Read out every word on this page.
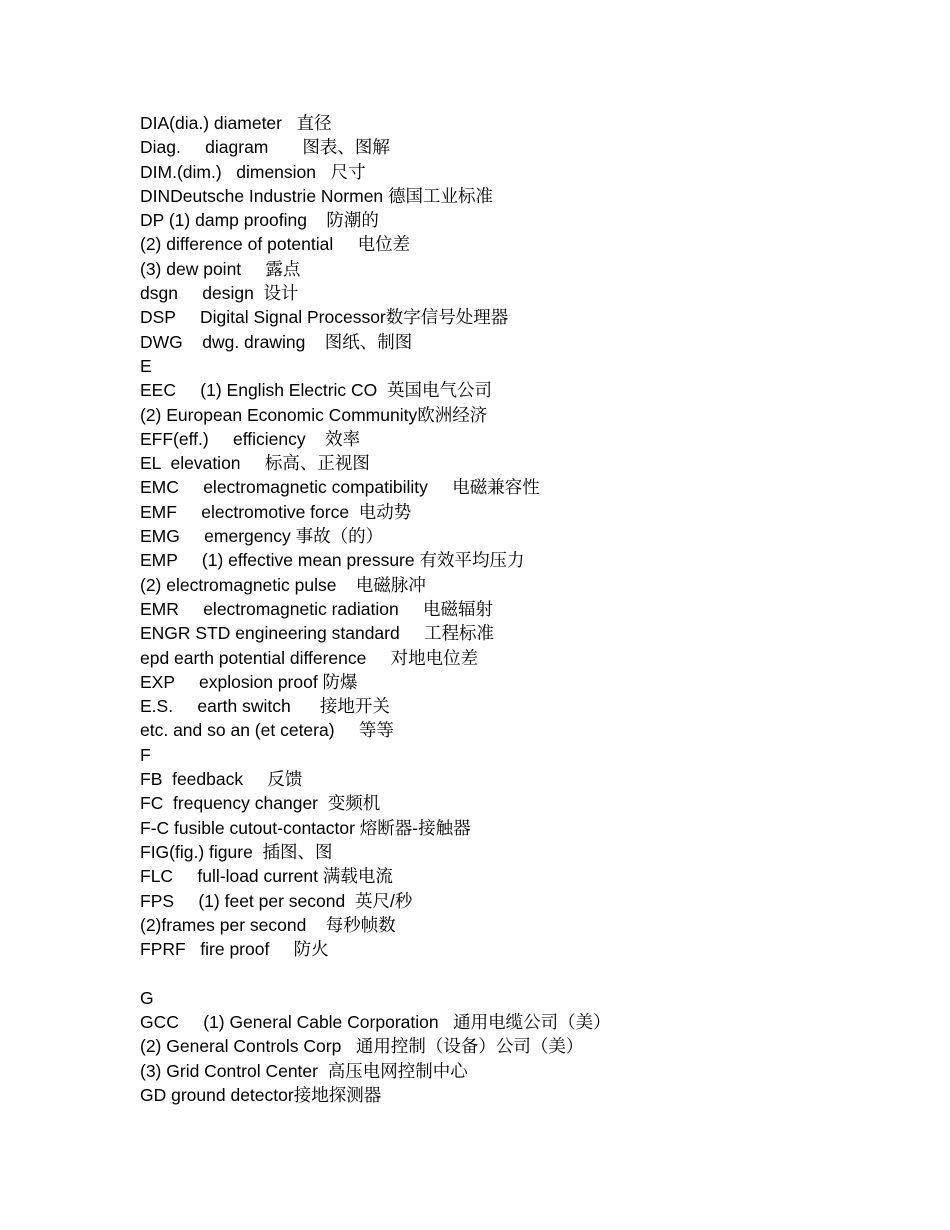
DIA(dia.) diameter   直径
Diag.     diagram       图表、图解
DIM.(dim.)   dimension   尺寸
DINDeutsche Industrie Normen 德国工业标准
DP (1) damp proofing    防潮的
(2) difference of potential     电位差
(3) dew point     露点
dsgn     design  设计
DSP     Digital Signal Processor数字信号处理器
DWG    dwg. drawing    图纸、制图
E
EEC     (1) English Electric CO  英国电气公司
(2) European Economic Community欧洲经济
EFF(eff.)     efficiency    效率
EL  elevation     标高、正视图
EMC     electromagnetic compatibility     电磁兼容性
EMF     electromotive force  电动势
EMG     emergency 事故（的）
EMP     (1) effective mean pressure 有效平均压力
(2) electromagnetic pulse    电磁脉冲
EMR     electromagnetic radiation     电磁辐射
ENGR STD engineering standard     工程标准
epd earth potential difference     对地电位差
EXP     explosion proof 防爆
E.S.     earth switch      接地开关
etc. and so an (et cetera)     等等
F
FB  feedback     反馈
FC  frequency changer  变频机
F-C fusible cutout-contactor 熔断器-接触器
FIG(fig.) figure  插图、图
FLC     full-load current 满载电流
FPS     (1) feet per second  英尺/秒
(2)frames per second    每秒帧数
FPRF   fire proof     防火
G
GCC     (1) General Cable Corporation   通用电缆公司（美）
(2) General Controls Corp   通用控制（设备）公司（美）
(3) Grid Control Center  高压电网控制中心
GD ground detector接地探测器
